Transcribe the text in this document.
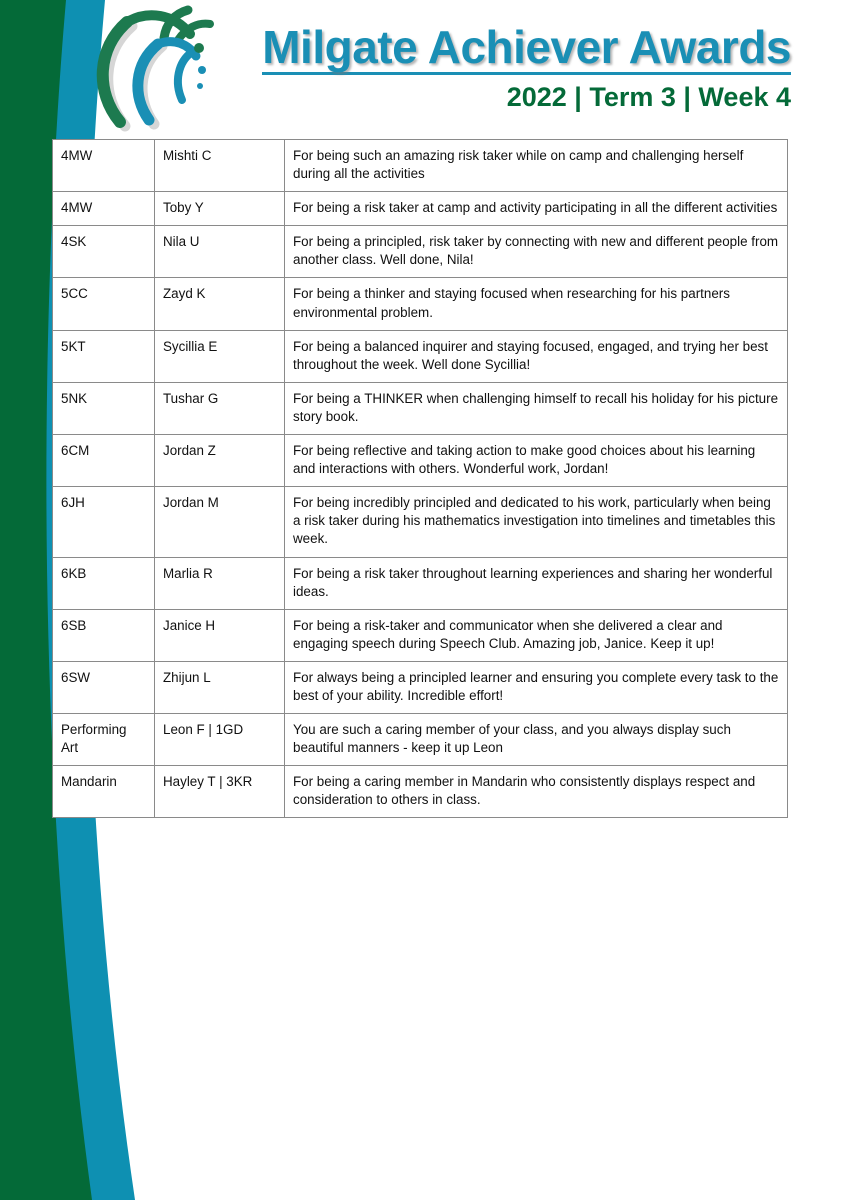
Milgate Achiever Awards
2022 | Term 3 | Week 4
4MW	Mishti C	For being such an amazing risk taker while on camp and challenging herself during all the activities
4MW	Toby Y	For being a risk taker at camp and activity participating in all the different activities
4SK	Nila U	For being a principled, risk taker by connecting with new and different people from another class. Well done, Nila!
5CC	Zayd K	For being a thinker and staying focused when researching for his partners environmental problem.
5KT	Sycillia E	For being a balanced inquirer and staying focused, engaged, and trying her best throughout the week. Well done Sycillia!
5NK	Tushar G	For being a THINKER when challenging himself to recall his holiday for his picture story book.
6CM	Jordan Z	For being reflective and taking action to make good choices about his learning and interactions with others. Wonderful work, Jordan!
6JH	Jordan M	For being incredibly principled and dedicated to his work, particularly when being a risk taker during his mathematics investigation into timelines and timetables this week.
6KB	Marlia R	For being a risk taker throughout learning experiences and sharing her wonderful ideas.
6SB	Janice H	For being a risk-taker and communicator when she delivered a clear and engaging speech during Speech Club. Amazing job, Janice. Keep it up!
6SW	Zhijun L	For always being a principled learner and ensuring you complete every task to the best of your ability. Incredible effort!
Performing Art	Leon F | 1GD	You are such a caring member of your class, and you always display such beautiful manners - keep it up Leon
Mandarin	Hayley T | 3KR	For being a caring member in Mandarin who consistently displays respect and consideration to others in class.
